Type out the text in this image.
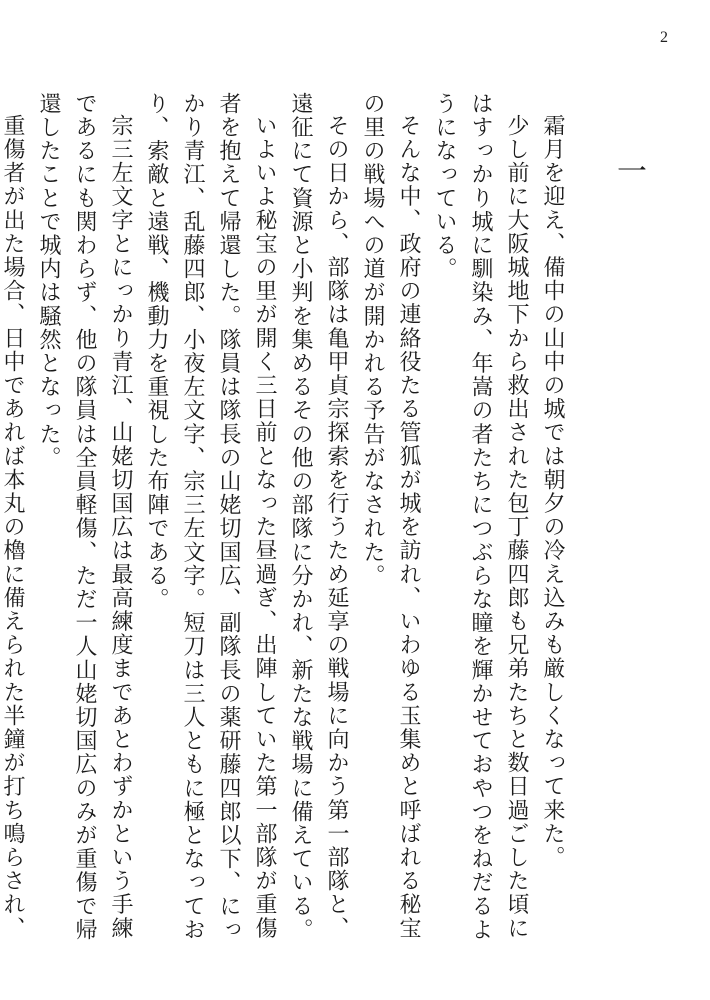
2
一

霜月を迎え、備中の山中の城では朝夕の冷え込みも厳しくなって来た。

少し前に大阪城地下から救出された包丁藤四郎も兄弟たちと数日過ごした頃にはすっかり城に馴染み、年嵩の者たちにつぶらな瞳を輝かせておやつをねだるようになっている。

そんな中、政府の連絡役たる管狐が城を訪れ、いわゆる玉集めと呼ばれる秘宝の里の戦場への道が開かれる予告がなされた。

その日から、部隊は亀甲貞宗探索を行うため延享の戦場に向かう第一部隊と、遠征にて資源と小判を集めるその他の部隊に分かれ、新たな戦場に備えている。

いよいよ秘宝の里が開く三日前となった昼過ぎ、出陣していた第一部隊が重傷者を抱えて帰還した。隊員は隊長の山姥切国広、副隊長の薬研藤四郎以下、にっかり青江、乱藤四郎、小夜左文字、宗三左文字。短刀は三人ともに極となっており、索敵と遠戦、機動力を重視した布陣である。

宗三左文字とにっかり青江、山姥切国広は最高練度まであとわずかという手練であるにも関わらず、他の隊員は全員軽傷、ただ一人山姥切国広のみが重傷で帰還したことで城内は騒然となった。

重傷者が出た場合、日中であれば本丸の櫓に備えられた半鐘が打ち鳴らされ、
